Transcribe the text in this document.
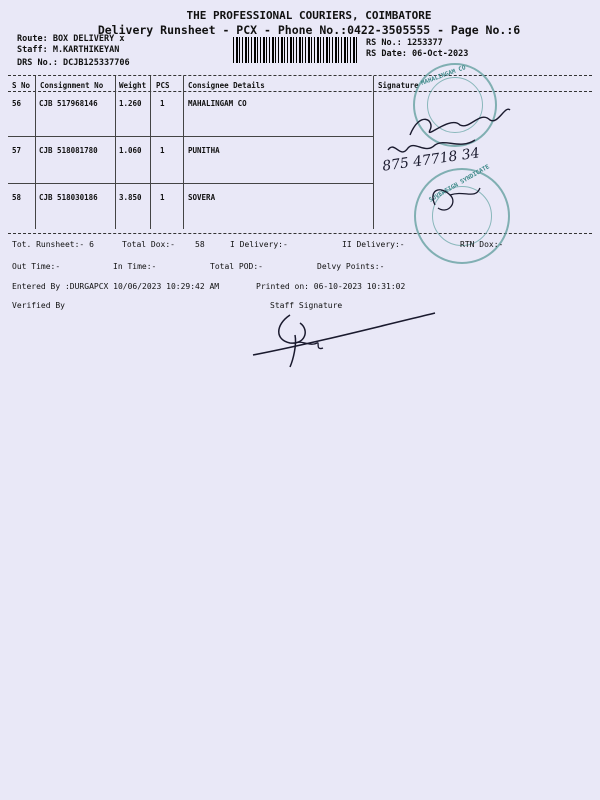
THE PROFESSIONAL COURIERS, COIMBATORE
Delivery Runsheet - PCX - Phone No.:0422-3505555 - Page No.:6
Route: BOX DELIVERY x
Staff: M.KARTHIKEYAN
DRS No.: DCJB125337706
RS No.: 1253377
RS Date: 06-Oct-2023
S No Consignment No Weight PCS Consignee Details	Signature
56 CJB 517968146	1.260 1	MAHALINGAM CO
57 CJB 518081780	1.060 1	PUNITHA
58 CJB 518030186	3.850 1	SOVERA
MAHALINGAM CO
SOVEREIGN SYNDICATE
875 47718 34
Tot. Runsheet:- 6	Total Dox:-	58	I Delivery:-	II Delivery:-	RTN Dox:-
Out Time:-	In Time:-	Total POD:-	Delvy Points:-
Entered By :DURGAPCX 10/06/2023 10:29:42 AM	Printed on: 06-10-2023 10:31:02
Verified By	Staff Signature
